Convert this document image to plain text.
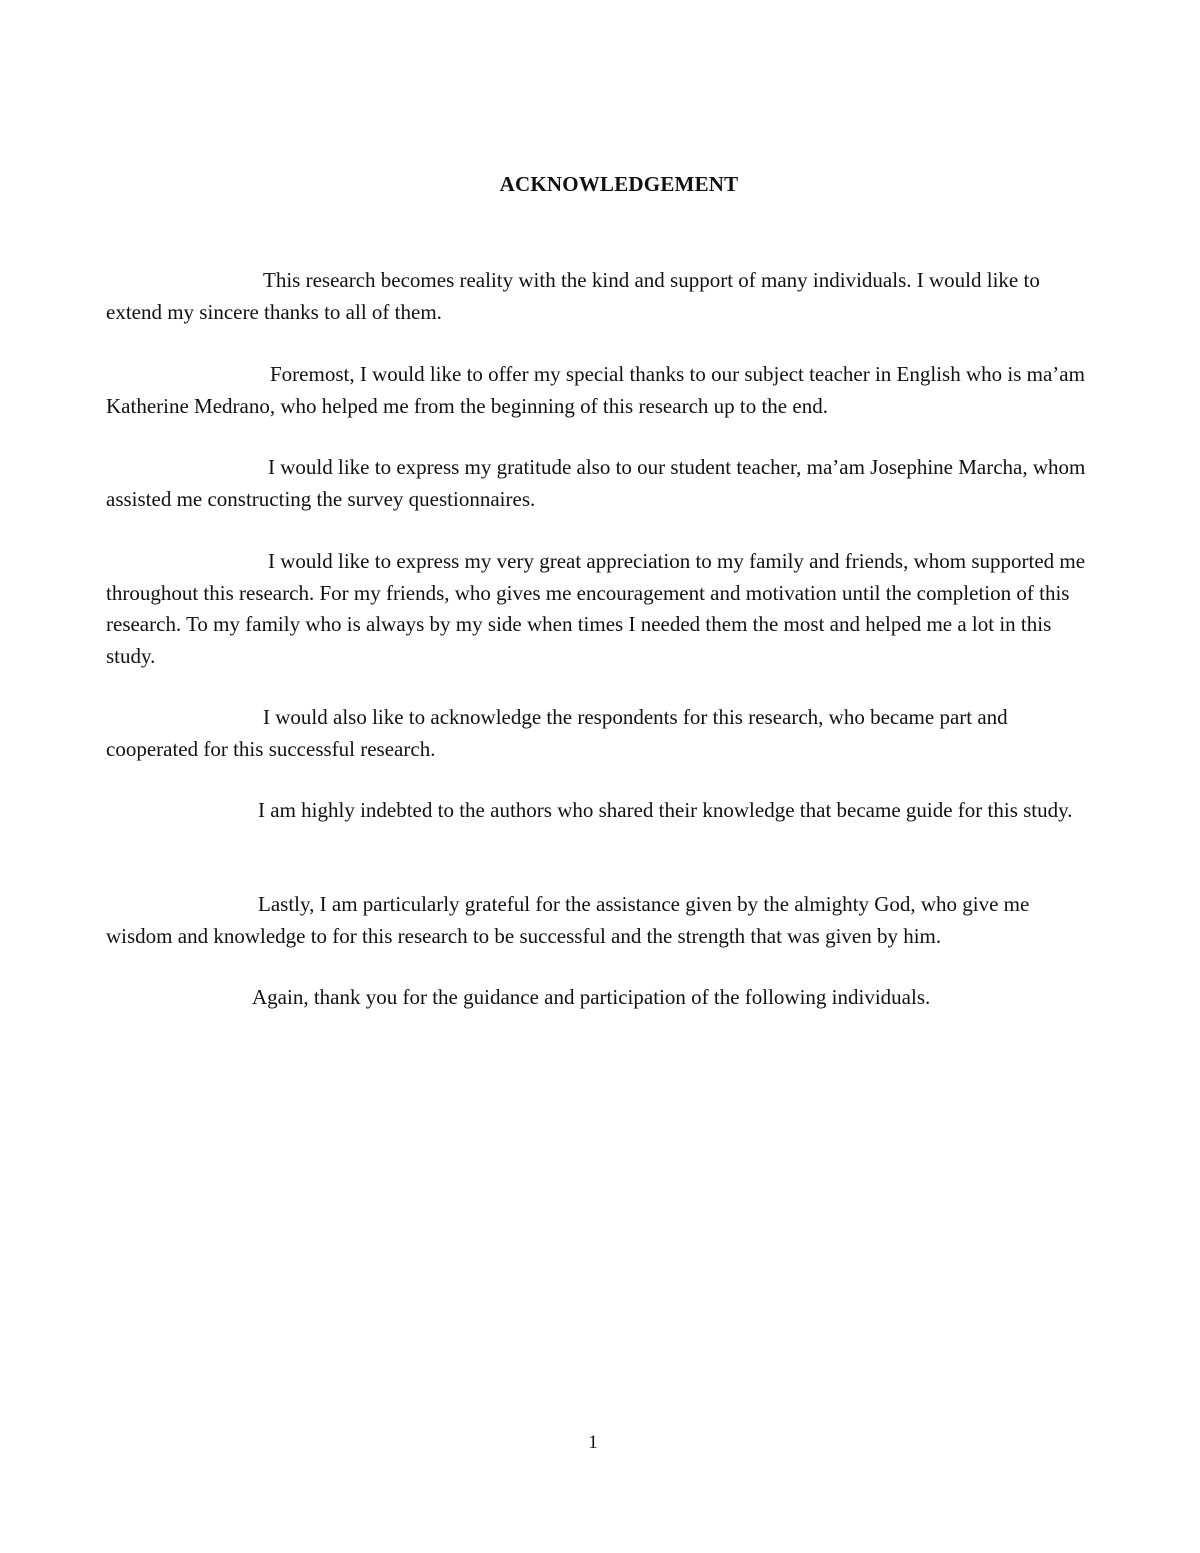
ACKNOWLEDGEMENT

This research becomes reality with the kind and support of many individuals. I would like to extend my sincere thanks to all of them.

Foremost, I would like to offer my special thanks to our subject teacher in English who is ma’am Katherine Medrano, who helped me from the beginning of this research up to the end.

I would like to express my gratitude also to our student teacher, ma’am Josephine Marcha, whom assisted me constructing the survey questionnaires.

I would like to express my very great appreciation to my family and friends, whom supported me throughout this research. For my friends, who gives me encouragement and motivation until the completion of this research. To my family who is always by my side when times I needed them the most and helped me a lot in this study.

I would also like to acknowledge the respondents for this research, who became part and cooperated for this successful research.

I am highly indebted to the authors who shared their knowledge that became guide for this study.

Lastly, I am particularly grateful for the assistance given by the almighty God, who give me wisdom and knowledge to for this research to be successful and the strength that was given by him.

Again, thank you for the guidance and participation of the following individuals.

1
